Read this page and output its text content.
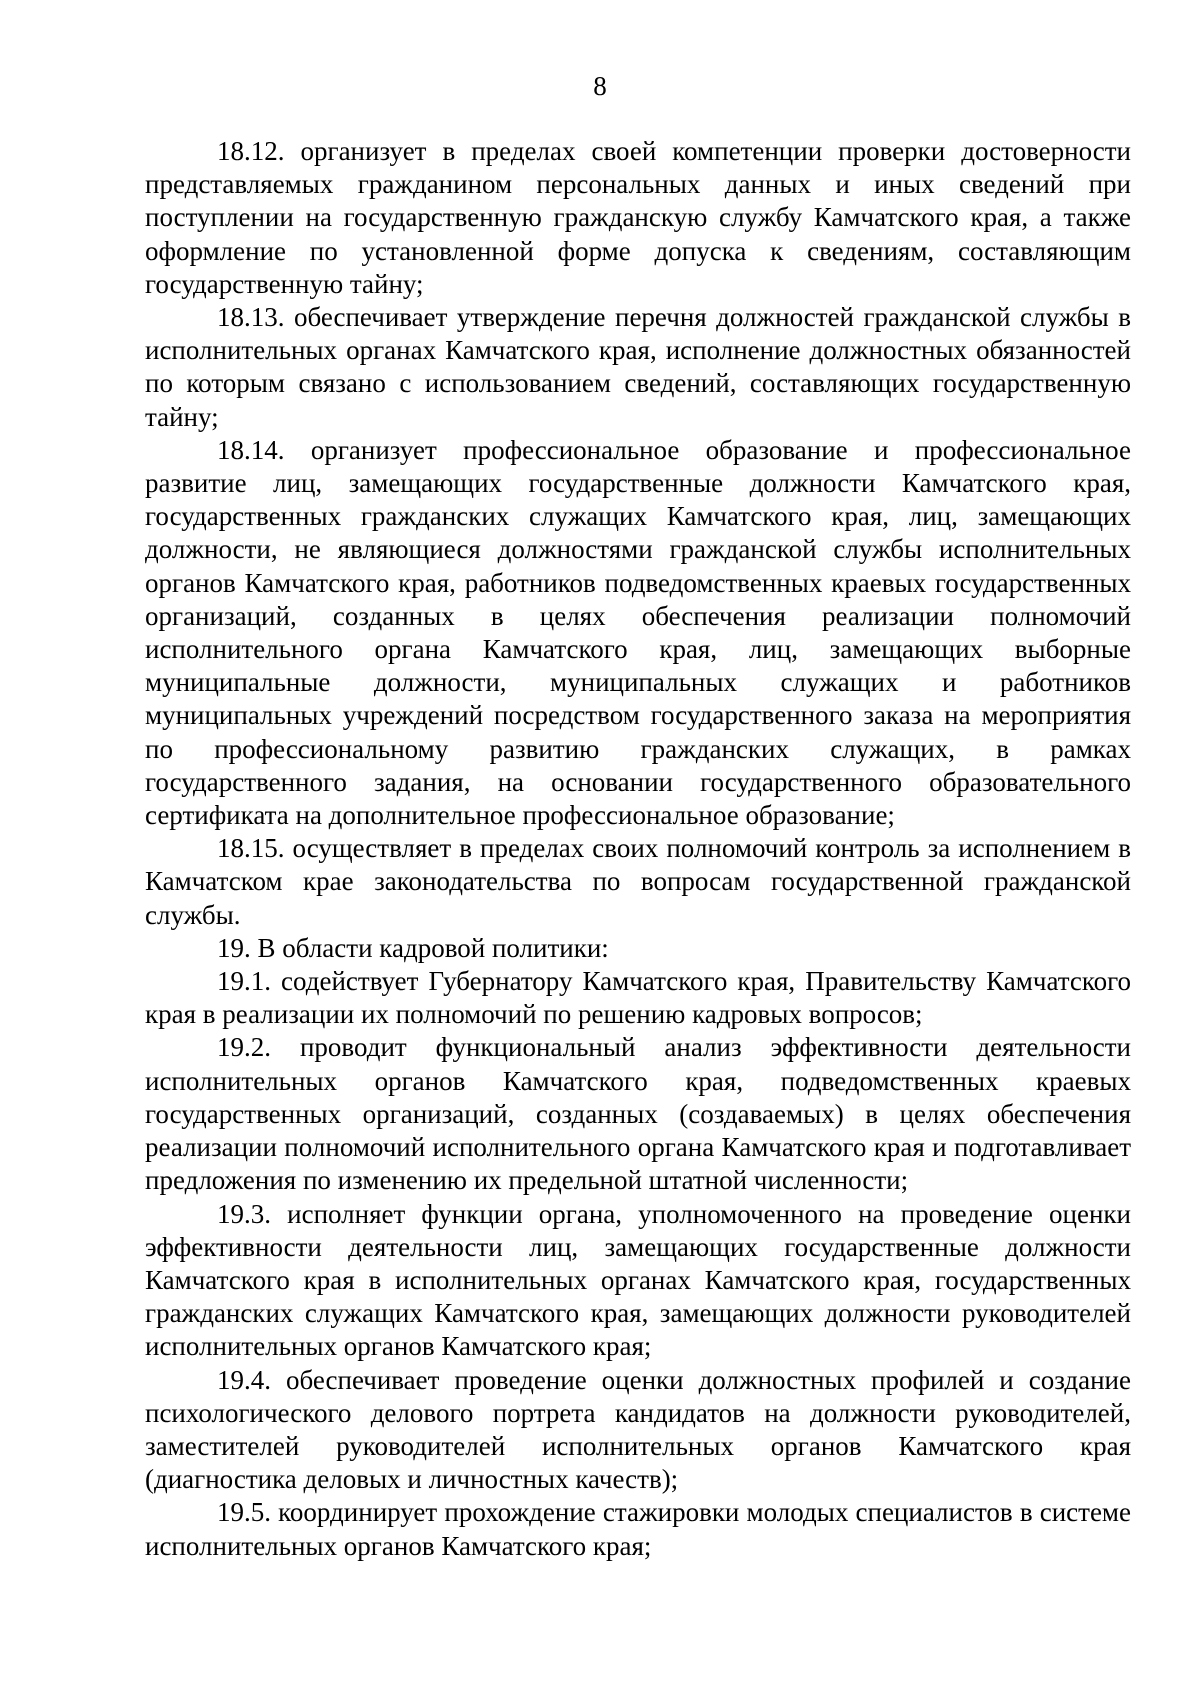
8

18.12. организует в пределах своей компетенции проверки достоверности представляемых гражданином персональных данных и иных сведений при поступлении на государственную гражданскую службу Камчатского края, а также оформление по установленной форме допуска к сведениям, составляющим государственную тайну;

18.13. обеспечивает утверждение перечня должностей гражданской службы в исполнительных органах Камчатского края, исполнение должностных обязанностей по которым связано с использованием сведений, составляющих государственную тайну;

18.14. организует профессиональное образование и профессиональное развитие лиц, замещающих государственные должности Камчатского края, государственных гражданских служащих Камчатского края, лиц, замещающих должности, не являющиеся должностями гражданской службы исполнительных органов Камчатского края, работников подведомственных краевых государственных организаций, созданных в целях обеспечения реализации полномочий исполнительного органа Камчатского края, лиц, замещающих выборные муниципальные должности, муниципальных служащих и работников муниципальных учреждений посредством государственного заказа на мероприятия по профессиональному развитию гражданских служащих, в рамках государственного задания, на основании государственного образовательного сертификата на дополнительное профессиональное образование;

18.15. осуществляет в пределах своих полномочий контроль за исполнением в Камчатском крае законодательства по вопросам государственной гражданской службы.

19. В области кадровой политики:

19.1. содействует Губернатору Камчатского края, Правительству Камчатского края в реализации их полномочий по решению кадровых вопросов;

19.2. проводит функциональный анализ эффективности деятельности исполнительных органов Камчатского края, подведомственных краевых государственных организаций, созданных (создаваемых) в целях обеспечения реализации полномочий исполнительного органа Камчатского края и подготавливает предложения по изменению их предельной штатной численности;

19.3. исполняет функции органа, уполномоченного на проведение оценки эффективности деятельности лиц, замещающих государственные должности Камчатского края в исполнительных органах Камчатского края, государственных гражданских служащих Камчатского края, замещающих должности руководителей исполнительных органов Камчатского края;

19.4. обеспечивает проведение оценки должностных профилей и создание психологического делового портрета кандидатов на должности руководителей, заместителей руководителей исполнительных органов Камчатского края (диагностика деловых и личностных качеств);

19.5. координирует прохождение стажировки молодых специалистов в системе исполнительных органов Камчатского края;
